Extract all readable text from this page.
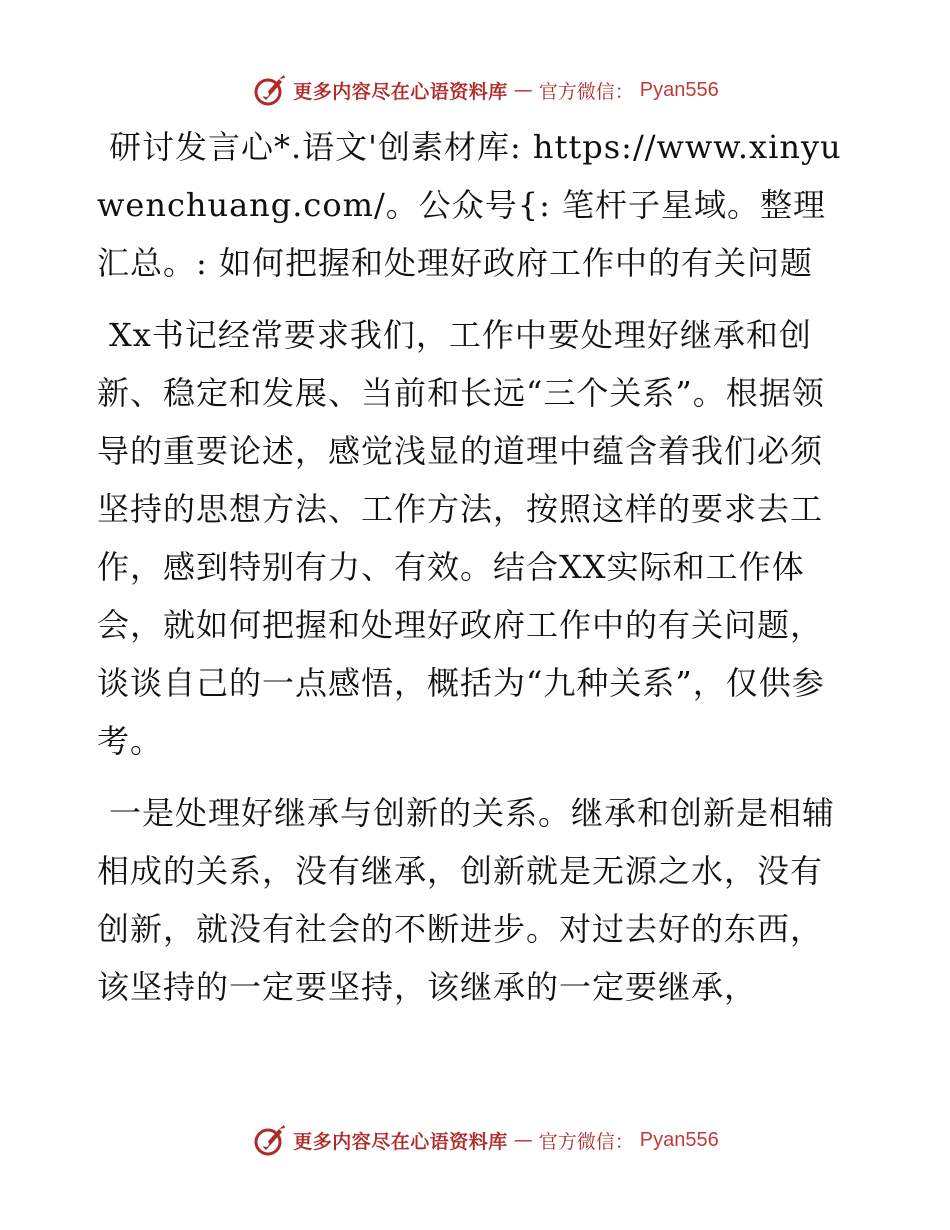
更多内容尽在心语资料库 — 官方微信： Pyan556

研讨发言心*.语文'创素材库: https://www.xinyuwenchuang.com/。公众号{: 笔杆子星域。整理汇总。: 如何把握和处理好政府工作中的有关问题

Xx书记经常要求我们，工作中要处理好继承和创新、稳定和发展、当前和长远“三个关系”。根据领导的重要论述，感觉浅显的道理中蕴含着我们必须坚持的思想方法、工作方法，按照这样的要求去工作，感到特别有力、有效。结合XX实际和工作体会，就如何把握和处理好政府工作中的有关问题，谈谈自己的一点感悟，概括为“九种关系”，仅供参考。

一是处理好继承与创新的关系。继承和创新是相辅相成的关系，没有继承，创新就是无源之水，没有创新，就没有社会的不断进步。对过去好的东西，该坚持的一定要坚持，该继承的一定要继承，

更多内容尽在心语资料库 — 官方微信： Pyan556
